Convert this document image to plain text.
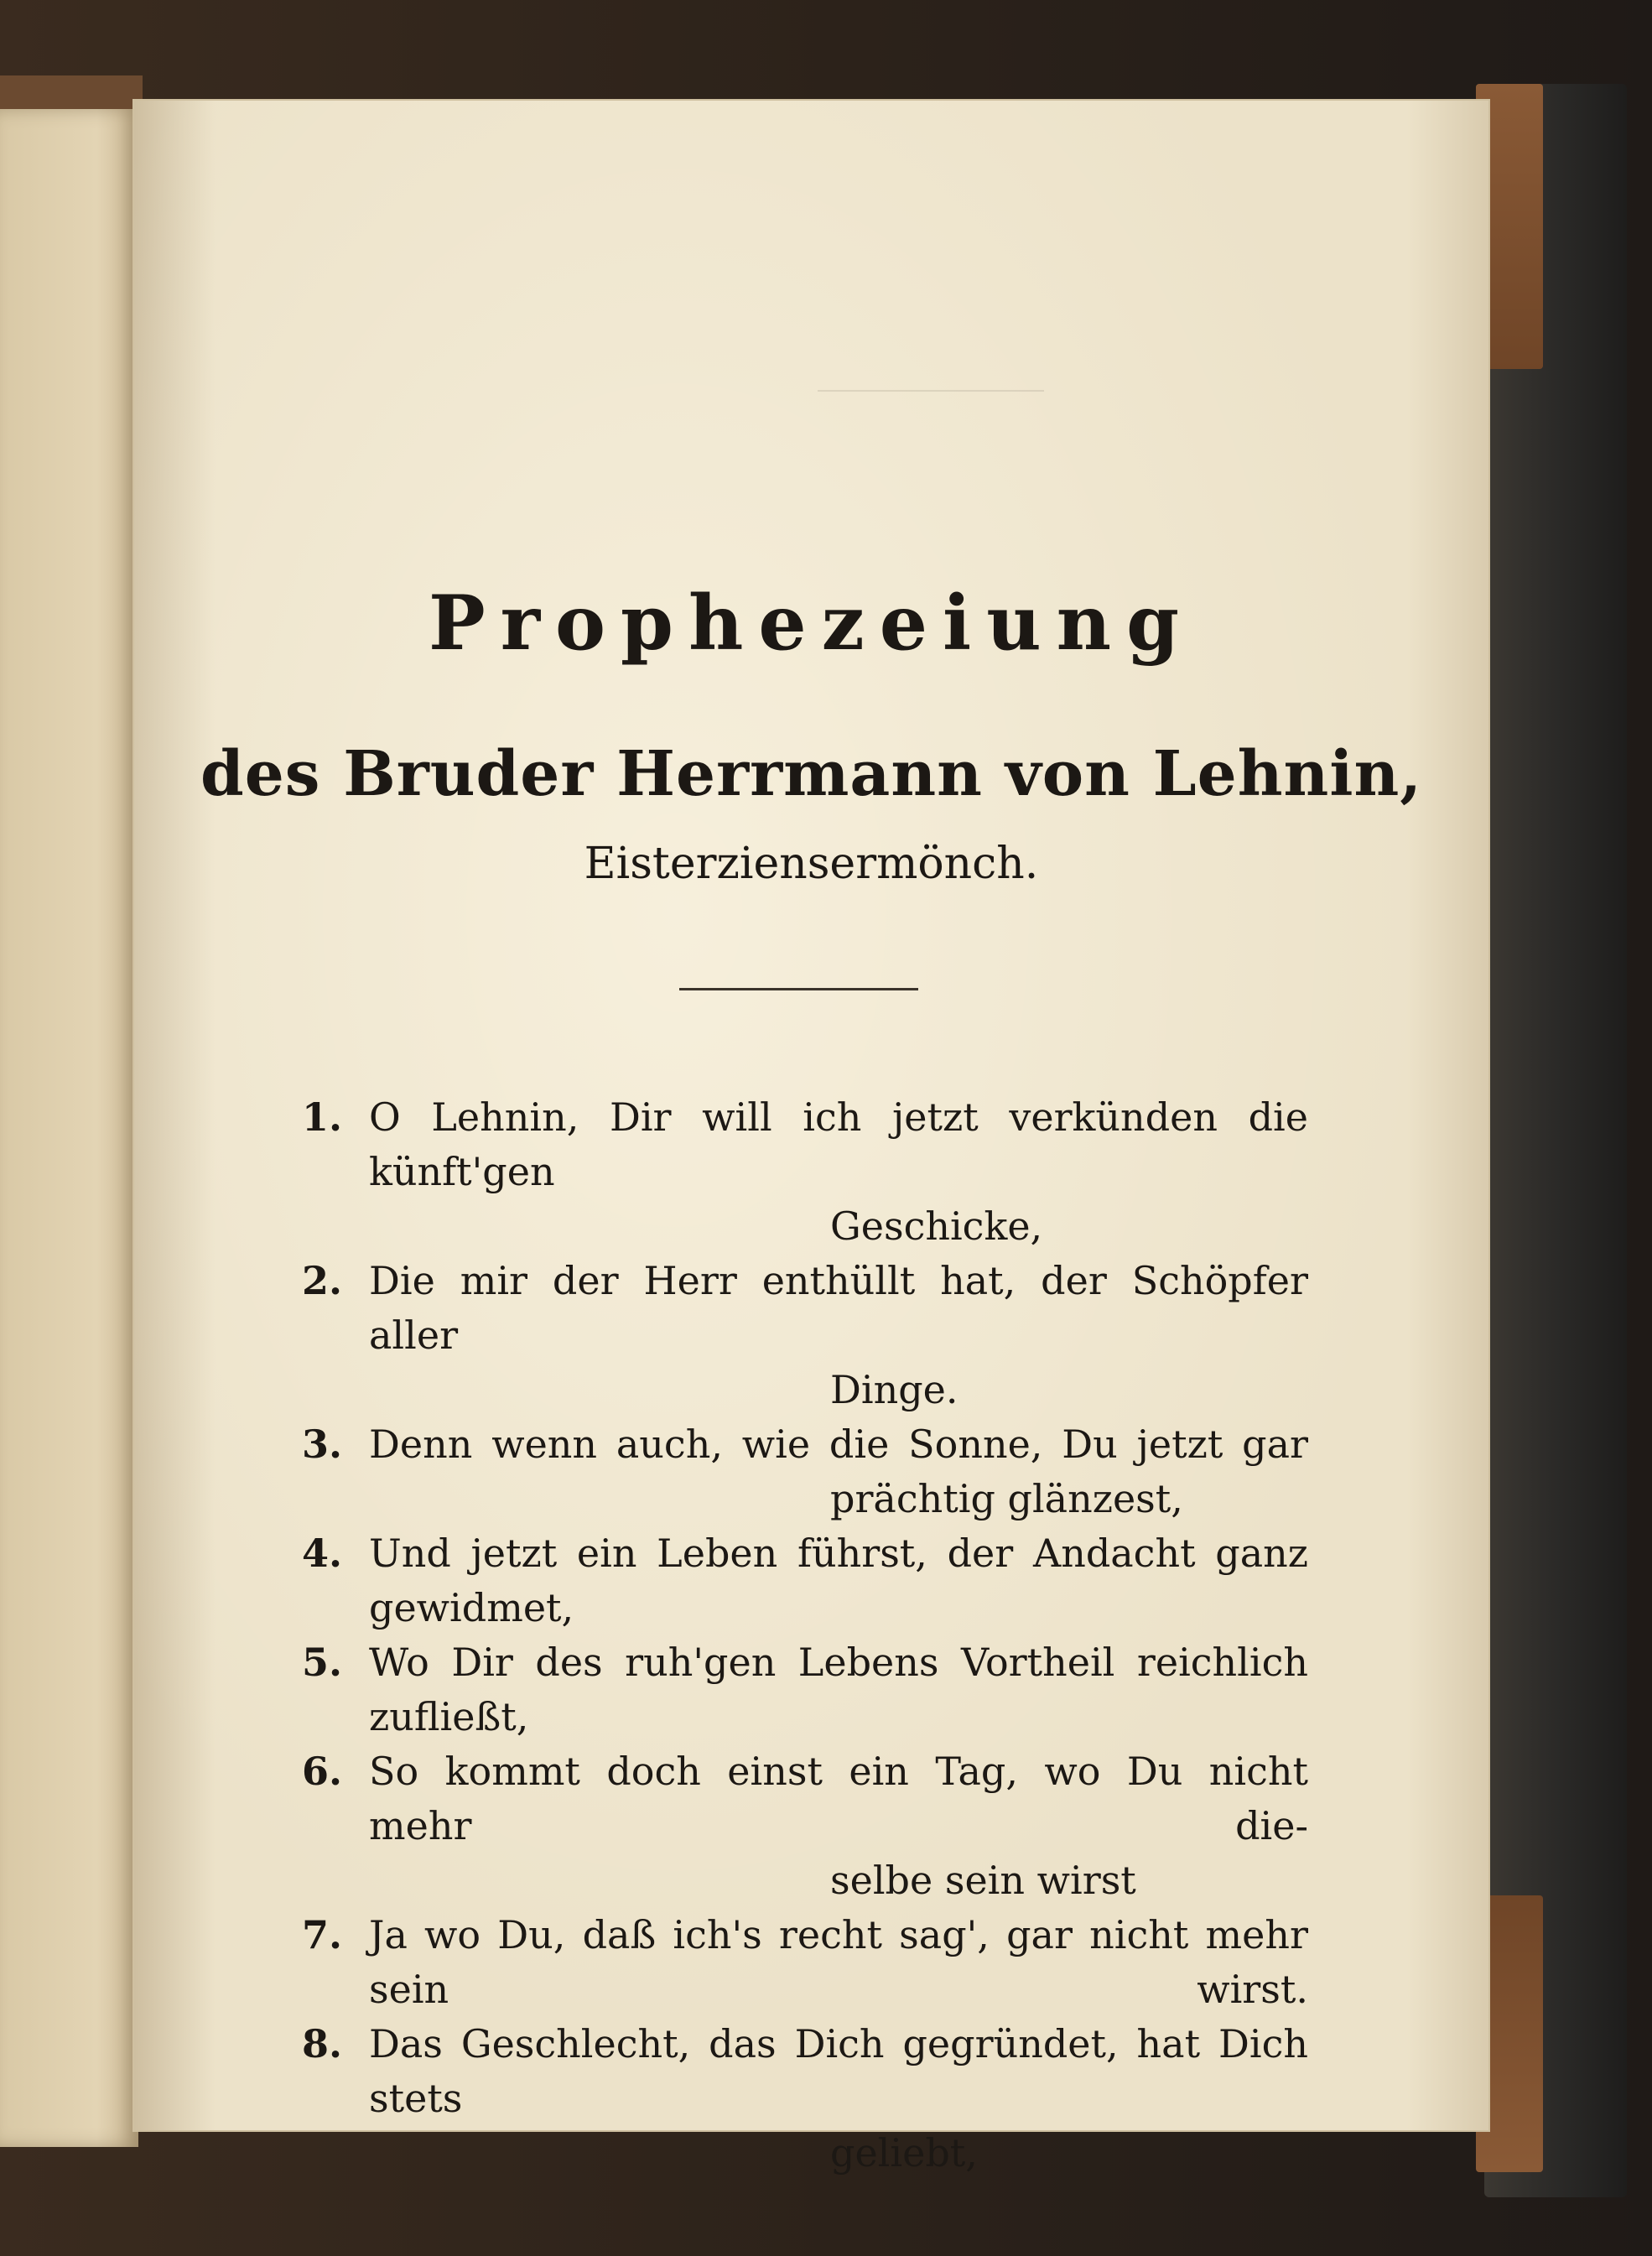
Prophezeiung
des Bruder Herrmann von Lehnin,
Eisterziensermönch.
1. O Lehnin, Dir will ich jetzt verkünden die künft'gen
Geschicke,
2. Die mir der Herr enthüllt hat, der Schöpfer aller
Dinge.
3. Denn wenn auch, wie die Sonne, Du jetzt gar
prächtig glänzest,
4. Und jetzt ein Leben führst, der Andacht ganz gewidmet,
5. Wo Dir des ruh'gen Lebens Vortheil reichlich zufließt,
6. So kommt doch einst ein Tag, wo Du nicht mehr die-
selbe sein wirst
7. Ja wo Du, daß ich's recht sag', gar nicht mehr sein wirst.
8. Das Geschlecht, das Dich gegründet, hat Dich stets
geliebt,
